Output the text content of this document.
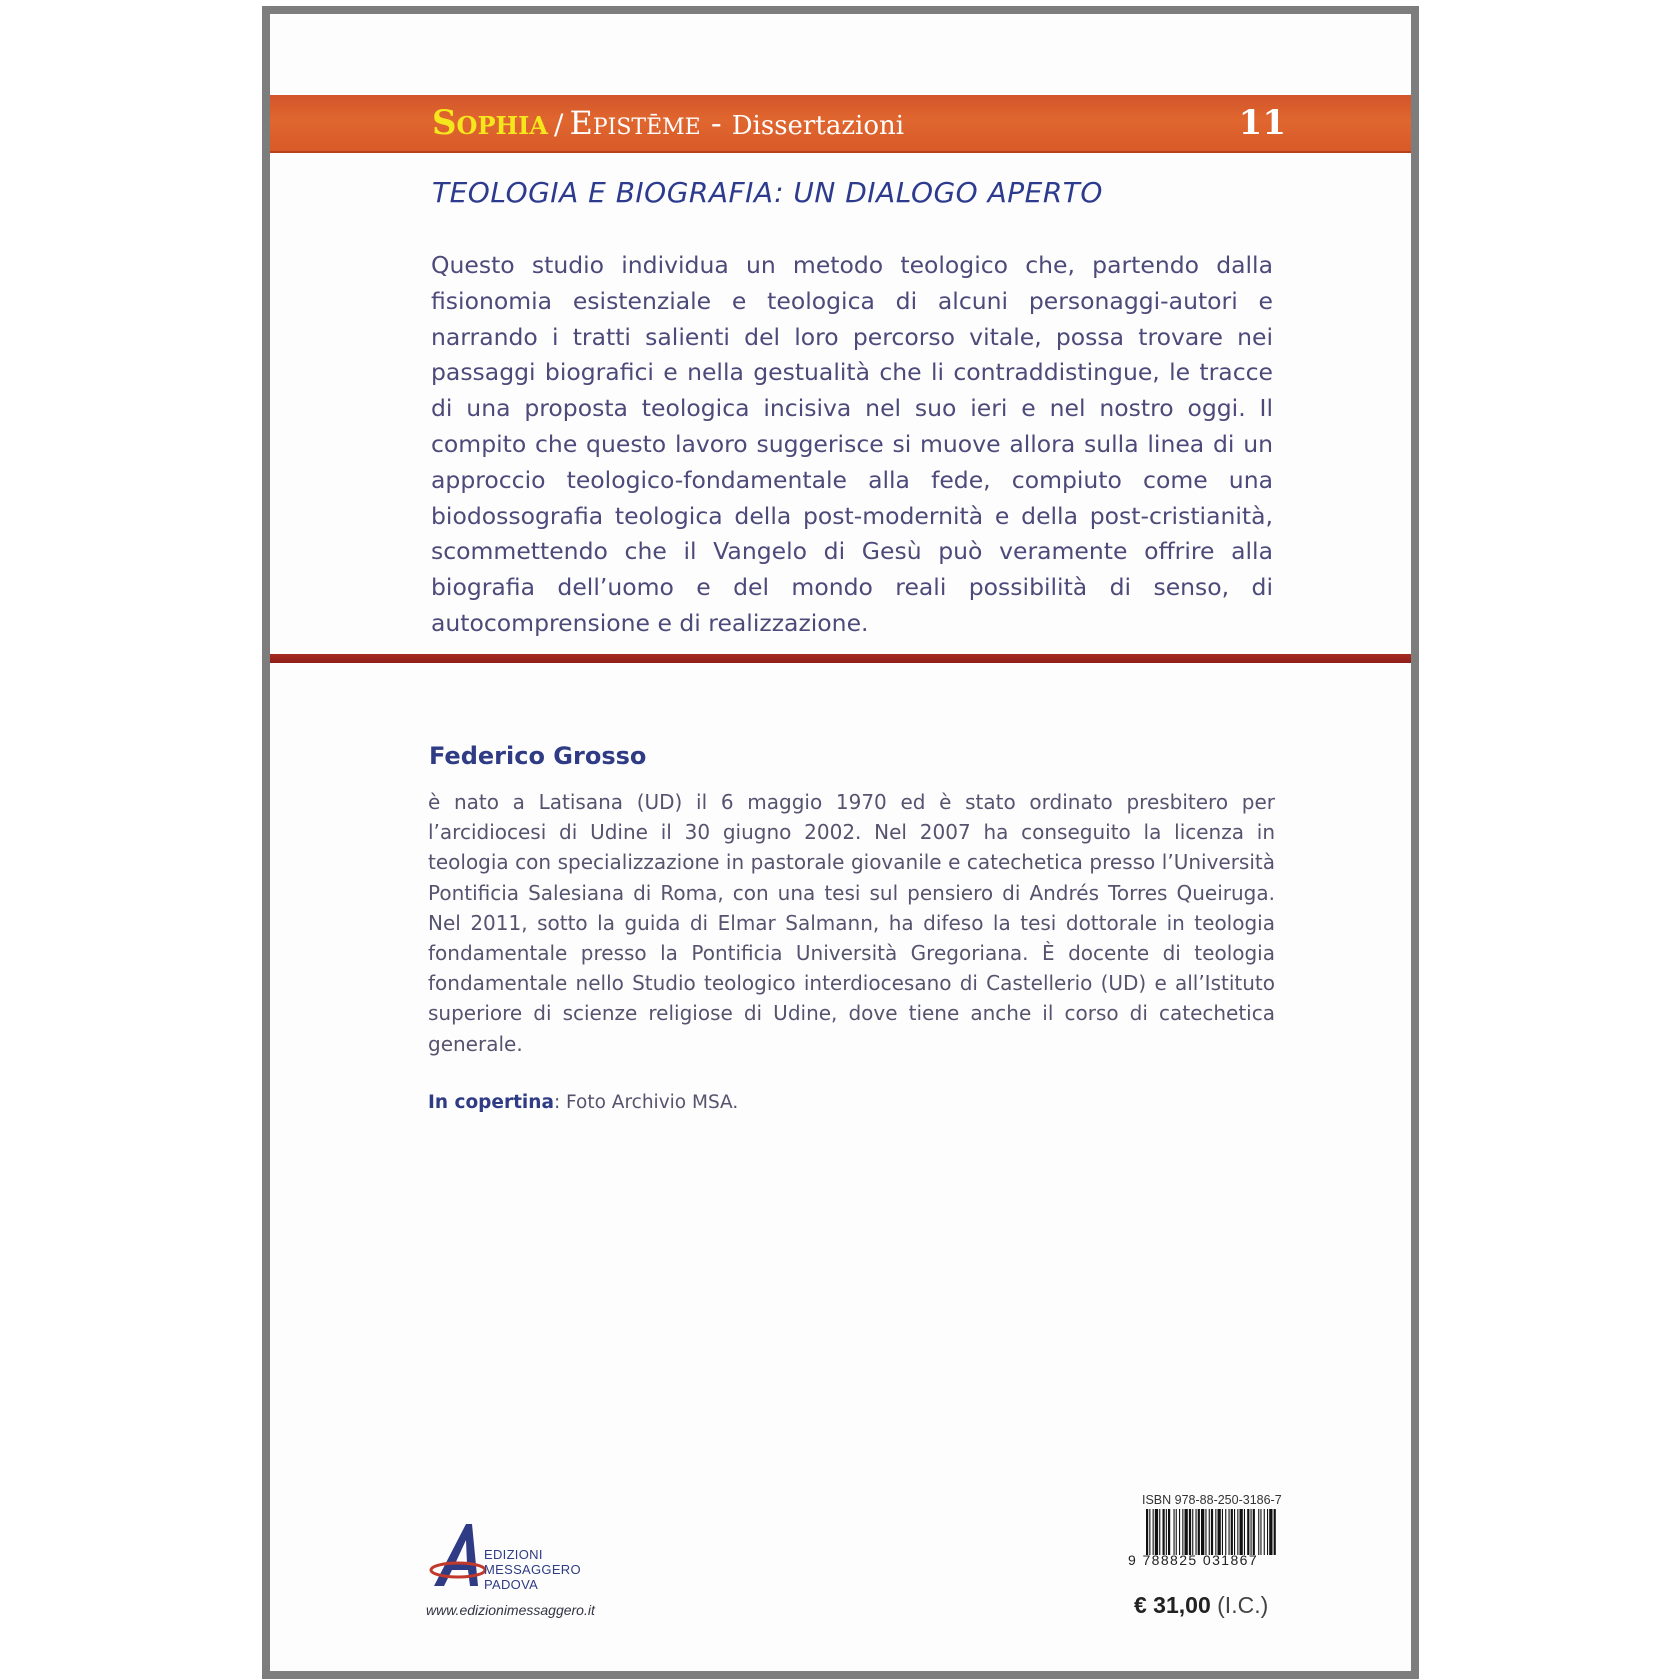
Sophia / Epistēme - Dissertazioni	11
TEOLOGIA E BIOGRAFIA: UN DIALOGO APERTO

Questo studio individua un metodo teologico che, partendo dalla fisionomia esistenziale e teologica di alcuni personaggi-autori e narrando i tratti salienti del loro percorso vitale, possa trovare nei passaggi biografici e nella gestualità che li contraddistingue, le tracce di una proposta teologica incisiva nel suo ieri e nel nostro oggi. Il compito che questo lavoro suggerisce si muove allora sulla linea di un approccio teologico-fondamentale alla fede, compiuto come una biodossografia teologica della post-modernità e della post-cristianità, scommettendo che il Vangelo di Gesù può veramente offrire alla biografia dell’uomo e del mondo reali possibilità di senso, di autocomprensione e di realizzazione.

Federico Grosso

è nato a Latisana (UD) il 6 maggio 1970 ed è stato ordinato presbitero per l’arcidiocesi di Udine il 30 giugno 2002. Nel 2007 ha conseguito la licenza in teologia con specializzazione in pastorale giovanile e catechetica presso l’Università Pontificia Salesiana di Roma, con una tesi sul pensiero di Andrés Torres Queiruga. Nel 2011, sotto la guida di Elmar Salmann, ha difeso la tesi dottorale in teologia fondamentale presso la Pontificia Università Gregoriana. È docente di teologia fondamentale nello Studio teologico interdiocesano di Castellerio (UD) e all’Istituto superiore di scienze religiose di Udine, dove tiene anche il corso di catechetica generale.

In copertina: Foto Archivio MSA.
EDIZIONI
MESSAGGERO
PADOVA
www.edizionimessaggero.it
ISBN 978-88-250-3186-7
9 788825 031867
€ 31,00 (I.C.)
